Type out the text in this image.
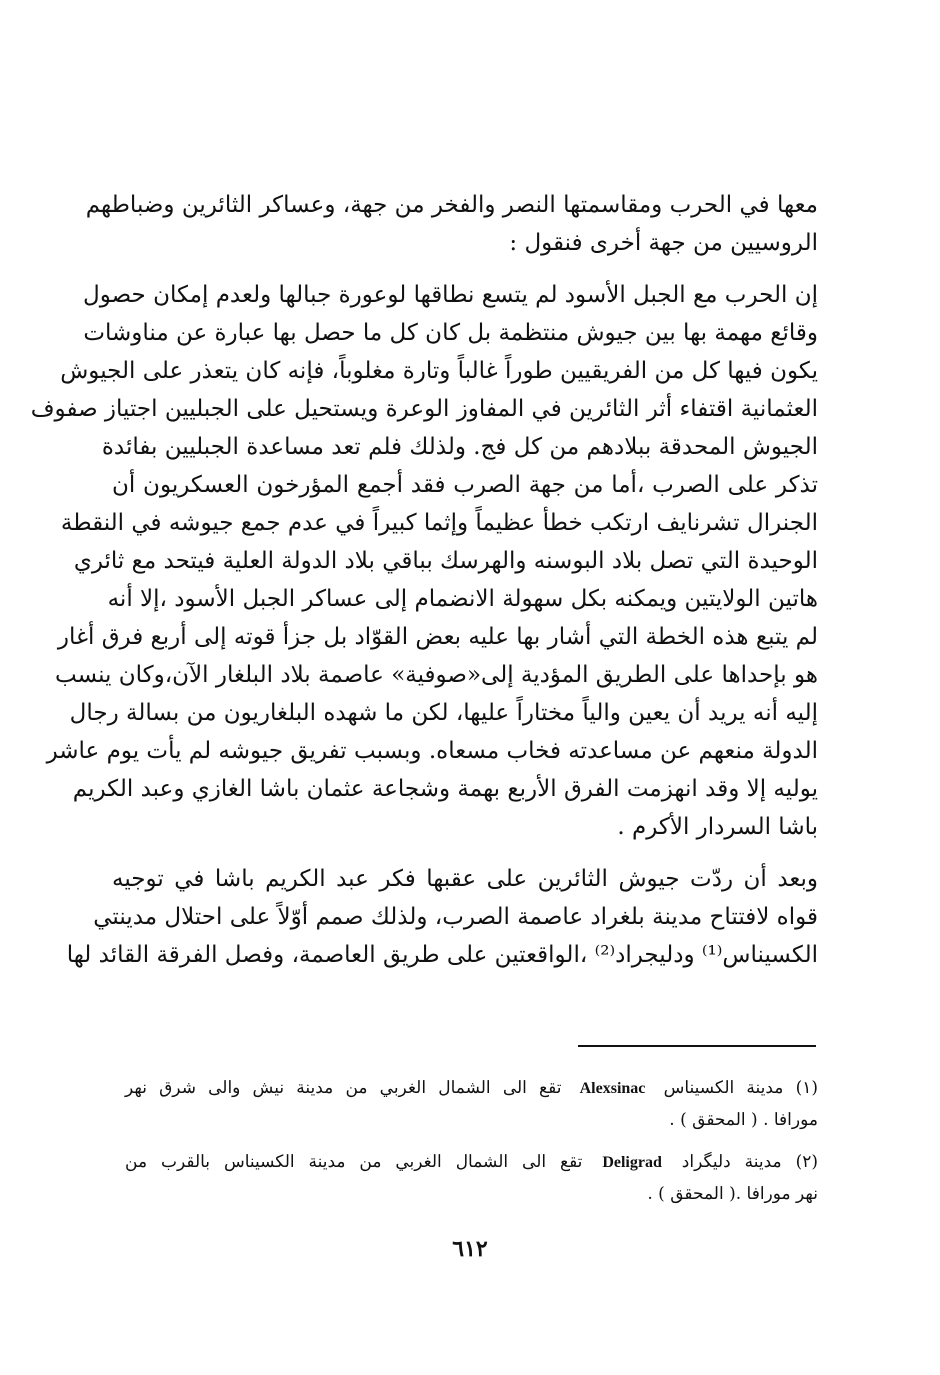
معها في الحرب ومقاسمتها النصر والفخر من جهة، وعساكر الثائرين وضباطهم
الروسيين من جهة أخرى فنقول :
إن الحرب مع الجبل الأسود لم يتسع نطاقها لوعورة جبالها ولعدم إمكان حصول
وقائع مهمة بها بين جيوش منتظمة بل كان كل ما حصل بها عبارة عن مناوشات
يكون فيها كل من الفريقيين طوراً غالباً وتارة مغلوباً، فإنه كان يتعذر على الجيوش
العثمانية اقتفاء أثر الثائرين في المفاوز الوعرة ويستحيل على الجبليين اجتياز صفوف
الجيوش المحدقة ببلادهم من كل فج. ولذلك فلم تعد مساعدة الجبليين بفائدة
تذكر على الصرب ،أما من جهة الصرب فقد أجمع المؤرخون العسكريون أن
الجنرال تشرنايف ارتكب خطأ عظيماً وإثما كبيراً في عدم جمع جيوشه في النقطة
الوحيدة التي تصل بلاد البوسنه والهرسك بباقي بلاد الدولة العلية فيتحد مع ثائري
هاتين الولايتين ويمكنه بكل سهولة الانضمام إلى عساكر الجبل الأسود ،إلا أنه
لم يتبع هذه الخطة التي أشار بها عليه بعض القوّاد بل جزأ قوته إلى أربع فرق أغار
هو بإحداها على الطريق المؤدية إلى«صوفية» عاصمة بلاد البلغار الآن،وكان ينسب
إليه أنه يريد أن يعين والياً مختاراً عليها، لكن ما شهده البلغاريون من بسالة رجال
الدولة منعهم عن مساعدته فخاب مسعاه. وبسبب تفريق جيوشه لم يأت يوم عاشر
يوليه إلا وقد انهزمت الفرق الأربع بهمة وشجاعة عثمان باشا الغازي وعبد الكريم
باشا السردار الأكرم .
وبعد أن ردّت جيوش الثائرين على عقبها فكر عبد الكريم باشا في توجيه
قواه لافتتاح مدينة بلغراد عاصمة الصرب، ولذلك صمم أوّلاً على احتلال مدينتي
الكسيناس⁽¹⁾ ودليجراد⁽²⁾ ،الواقعتين على طريق العاصمة، وفصل الفرقة القائد لها
(١) مدينة الكسيناس Alexsinac تقع الى الشمال الغربي من مدينة نيش والى شرق نهر
مورافا . ( المحقق ) .
(٢) مدينة دليگراد Deligrad تقع الى الشمال الغربي من مدينة الكسيناس بالقرب من
نهر مورافا .( المحقق ) .
٦١٢
